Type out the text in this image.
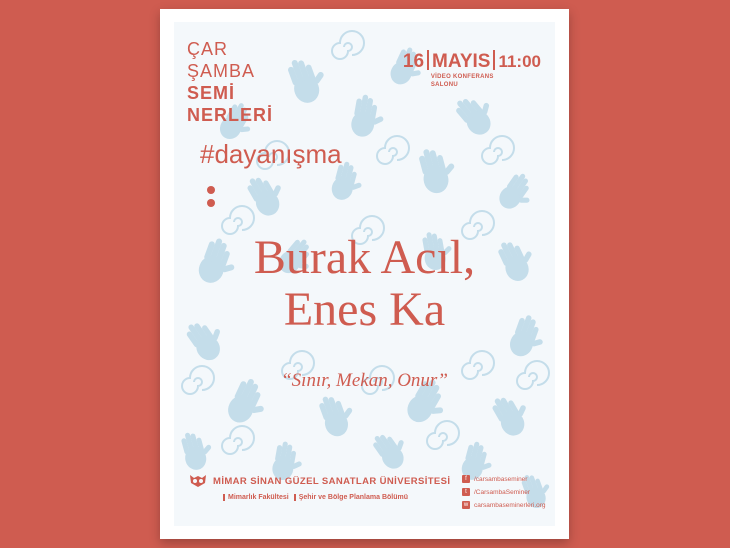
ÇAR
ŞAMBA
SEMİ
NERLERİ
16 MAYIS 11:00
VİDEO KONFERANS
SALONU
#dayanışma
Burak Acıl,
Enes Ka
“Sınır, Mekan, Onur”
MİMAR SİNAN GÜZEL SANATLAR ÜNİVERSİTESİ
Mimarlık Fakültesi Şehir ve Bölge Planlama Bölümü
f	/carsambaseminer
t	/CarsambaSeminer
w carsambaseminerleri.org
